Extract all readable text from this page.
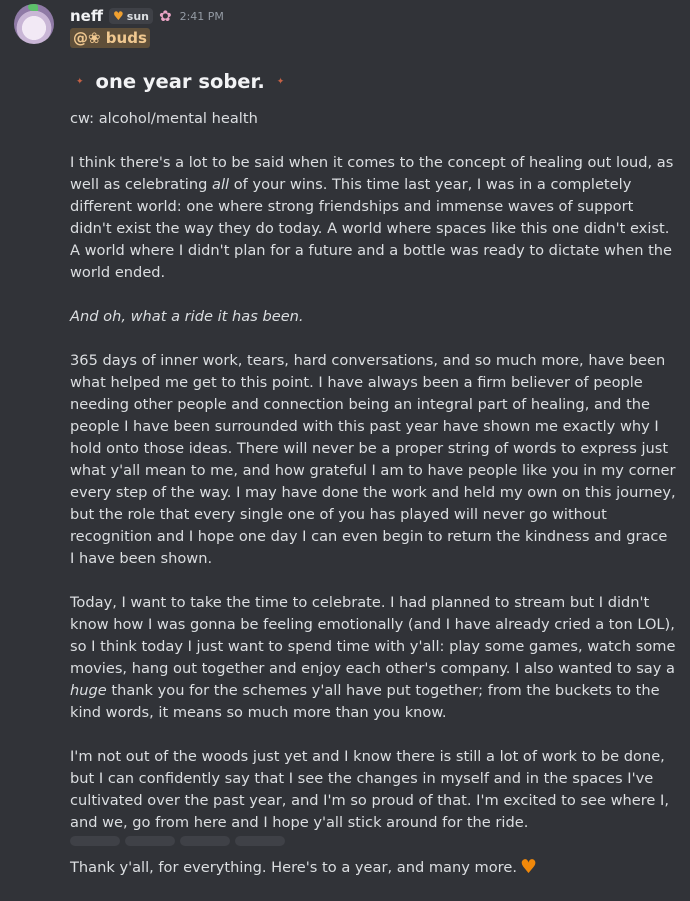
neff ♥ sun ✿ 2:41 PM
@❀ buds
✦ one year sober. ✦

cw: alcohol/mental health

I think there's a lot to be said when it comes to the concept of healing out loud, as well as celebrating all of your wins. This time last year, I was in a completely different world: one where strong friendships and immense waves of support didn't exist the way they do today. A world where spaces like this one didn't exist. A world where I didn't plan for a future and a bottle was ready to dictate when the world ended.

And oh, what a ride it has been.

365 days of inner work, tears, hard conversations, and so much more, have been what helped me get to this point. I have always been a firm believer of people needing other people and connection being an integral part of healing, and the people I have been surrounded with this past year have shown me exactly why I hold onto those ideas. There will never be a proper string of words to express just what y'all mean to me, and how grateful I am to have people like you in my corner every step of the way. I may have done the work and held my own on this journey, but the role that every single one of you has played will never go without recognition and I hope one day I can even begin to return the kindness and grace I have been shown.

Today, I want to take the time to celebrate. I had planned to stream but I didn't know how I was gonna be feeling emotionally (and I have already cried a ton LOL), so I think today I just want to spend time with y'all: play some games, watch some movies, hang out together and enjoy each other's company. I also wanted to say a huge thank you for the schemes y'all have put together; from the buckets to the kind words, it means so much more than you know.

I'm not out of the woods just yet and I know there is still a lot of work to be done, but I can confidently say that I see the changes in myself and in the spaces I've cultivated over the past year, and I'm so proud of that. I'm excited to see where I, and we, go from here and I hope y'all stick around for the ride.

Thank y'all, for everything. Here's to a year, and many more. ♥
